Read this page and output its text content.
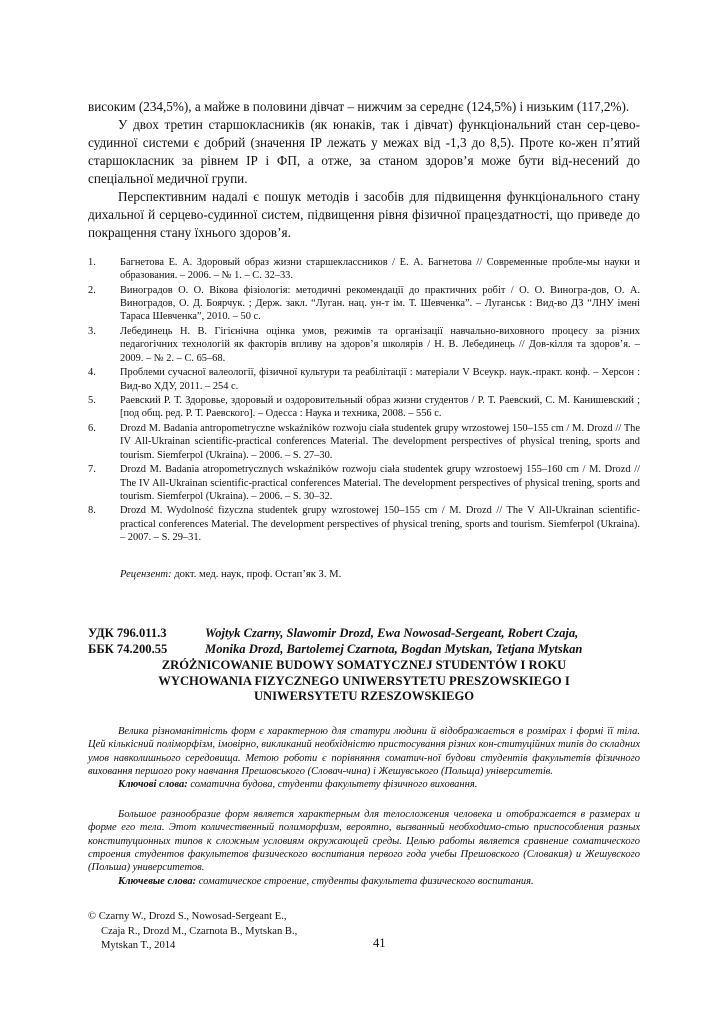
високим (234,5%), а майже в половини дівчат – нижчим за середнє (124,5%) і низьким (117,2%).

У двох третин старшокласників (як юнаків, так і дівчат) функціональний стан сер-цево-судинної системи є добрий (значення ІР лежать у межах від -1,3 до 8,5). Проте ко-жен п’ятий старшокласник за рівнем ІР і ФП, а отже, за станом здоров’я може бути від-несений до спеціальної медичної групи.

Перспективним надалі є пошук методів і засобів для підвищення функціонального стану дихальної й серцево-судинної систем, підвищення рівня фізичної працездатності, що приведе до покращення стану їхнього здоров’я.

1. Багнетова Е. А. Здоровый образ жизни старшеклассников / Е. А. Багнетова // Современные пробле-мы науки и образования. – 2006. – № 1. – С. 32–33.
2. Виноградов О. О. Вікова фізіологія: методичні рекомендації до практичних робіт / О. О. Виногра-дов, О. А. Виноградов, О. Д. Боярчук. ; Держ. закл. “Луган. нац. ун-т ім. Т. Шевченка”. – Луганськ : Вид-во ДЗ “ЛНУ імені Тараса Шевченка”, 2010. – 50 с.
3. Лебединець Н. В. Гігієнічна оцінка умов, режимів та організації навчально-виховного процесу за різних педагогічних технологій як факторів впливу на здоров’я школярів / Н. В. Лебединець // Дов-кілля та здоров’я. – 2009. – № 2. – С. 65–68.
4. Проблеми сучасної валеології, фізичної культури та реабілітації : матеріали V Всеукр. наук.-практ. конф. – Херсон : Вид-во ХДУ, 2011. – 254 с.
5. Раевский Р. Т. Здоровье, здоровый и оздоровительный образ жизни студентов / Р. Т. Раевский, С. М. Канишевский ; [под общ. ред. Р. Т. Раевского]. – Одесса : Наука и техника, 2008. – 556 с.
6. Drozd M. Badania antropometryczne wskaźników rozwoju ciała studentek grupy wrzostowej 150–155 cm / M. Drozd // The IV All-Ukrainan scientific-practical conferences Material. The development perspectives of physical trening, sports and tourism. Siemferpol (Ukraina). – 2006. – S. 27–30.
7. Drozd M. Badania atropometrycznych wskaźników rozwoju ciała studentek grupy wzrostoewj 155–160 cm / M. Drozd // The IV All-Ukrainan scientific-practical conferences Material. The development perspectives of physical trening, sports and tourism. Siemferpol (Ukraina). – 2006. – S. 30–32.
8. Drozd M. Wydolność fizyczna studentek grupy wzrostowej 150–155 cm / M. Drozd // The V All-Ukrainan scientific-practical conferences Material. The development perspectives of physical trening, sports and tourism. Siemferpol (Ukraina). – 2007. – S. 29–31.
Рецензент: докт. мед. наук, проф. Остап’як З. М.
УДК 796.011.3	Wojtyk Czarny, Slawomir Drozd, Ewa Nowosad-Sergeant, Robert Czaja,
ББК 74.200.55	Monika Drozd, Bartolemej Czarnota, Bogdan Mytskan, Tetjana Mytskan
ZRÓŻNICOWANIE BUDOWY SOMATYCZNEJ STUDENTÓW I ROKU
WYCHOWANIA FIZYCZNEGO UNIWERSYTETU PRESZOWSKIEGO I
UNIWERSYTETU RZESZOWSKIEGO

Велика різноманітність форм є характерною для статури людини й відображається в розмірах і формі її тіла. Цей кількісний поліморфізм, імовірно, викликаний необхідністю пристосування різних кон-ституційних типів до складних умов навколишнього середовища. Метою роботи є порівняння соматич-ної будови студентів факультетів фізичного виховання першого року навчання Прешовського (Словач-чина) і Жешувського (Польща) університетів.

Ключові слова: соматична будова, студенти факультету фізичного виховання.

Большое разнообразие форм является характерным для телосложения человека и отображается в размерах и форме его тела. Этот количественный полиморфизм, вероятно, вызванный необходимо-стью приспособления разных конституционных типов к сложным условиям окружающей среды. Целью работы является сравнение соматического строения студентов факультетов физического воспитания первого года учебы Прешовского (Словакия) и Жешувского (Польша) университетов.

Ключевые слова: соматическое строение, студенты факультета физического воспитания.

© Czarny W., Drozd S., Nowosad-Sergeant E.,
Czaja R., Drozd M., Czarnota B., Mytskan B.,
Mytskan T., 2014	41
